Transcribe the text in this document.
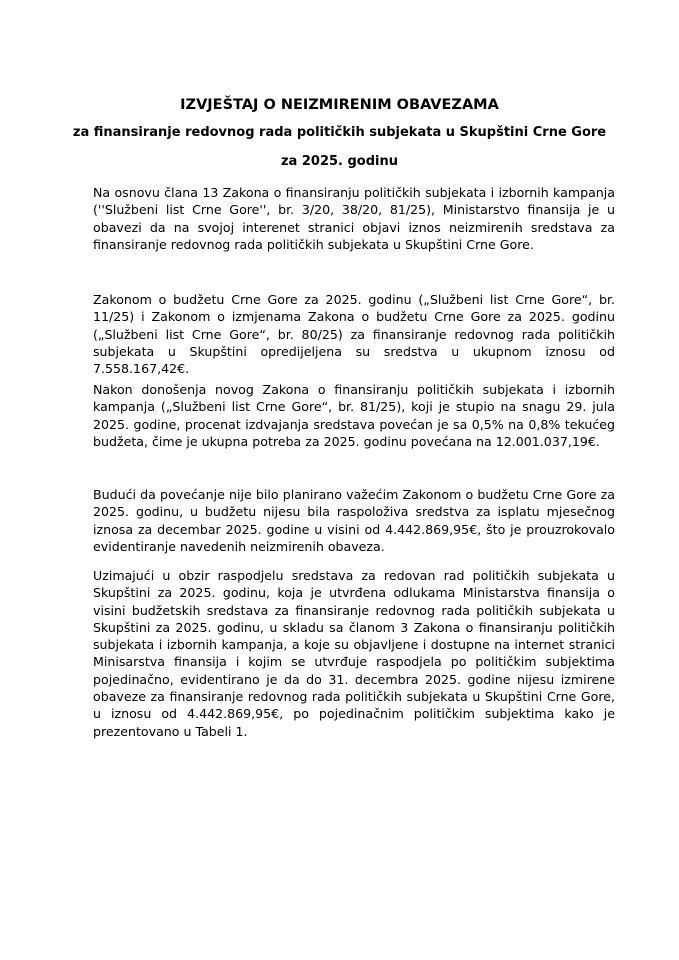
IZVJEŠTAJ O NEIZMIRENIM OBAVEZAMA
za finansiranje redovnog rada političkih subjekata u Skupštini Crne Gore
za 2025. godinu

Na osnovu člana 13 Zakona o finansiranju političkih subjekata i izbornih kampanja (''Službeni list Crne Gore'', br. 3/20, 38/20, 81/25), Ministarstvo finansija je u obavezi da na svojoj interenet stranici objavi iznos neizmirenih sredstava za finansiranje redovnog rada političkih subjekata u Skupštini Crne Gore.

Zakonom o budžetu Crne Gore za 2025. godinu („Službeni list Crne Gore“, br. 11/25) i Zakonom o izmjenama Zakona o budžetu Crne Gore za 2025. godinu („Službeni list Crne Gore“, br. 80/25) za finansiranje redovnog rada političkih subjekata u Skupštini opredijeljena su sredstva u ukupnom iznosu od 7.558.167,42€.

Nakon donošenja novog Zakona o finansiranju političkih subjekata i izbornih kampanja („Službeni list Crne Gore“, br. 81/25), koji je stupio na snagu 29. jula 2025. godine, procenat izdvajanja sredstava povećan je sa 0,5% na 0,8% tekućeg budžeta, čime je ukupna potreba za 2025. godinu povećana na 12.001.037,19€.

Budući da povećanje nije bilo planirano važećim Zakonom o budžetu Crne Gore za 2025. godinu, u budžetu nijesu bila raspoloživa sredstva za isplatu mjesečnog iznosa za decembar 2025. godine u visini od 4.442.869,95€, što je prouzrokovalo evidentiranje navedenih neizmirenih obaveza.

Uzimajući u obzir raspodjelu sredstava za redovan rad političkih subjekata u Skupštini za 2025. godinu, koja je utvrđena odlukama Ministarstva finansija o visini budžetskih sredstava za finansiranje redovnog rada političkih subjekata u Skupštini za 2025. godinu, u skladu sa članom 3 Zakona o finansiranju političkih subjekata i izbornih kampanja, a koje su objavljene i dostupne na internet stranici Minisarstva finansija i kojim se utvrđuje raspodjela po političkim subjektima pojedinačno, evidentirano je da do 31. decembra 2025. godine nijesu izmirene obaveze za finansiranje redovnog rada političkih subjekata u Skupštini Crne Gore, u iznosu od 4.442.869,95€, po pojedinačnim političkim subjektima kako je prezentovano u Tabeli 1.
